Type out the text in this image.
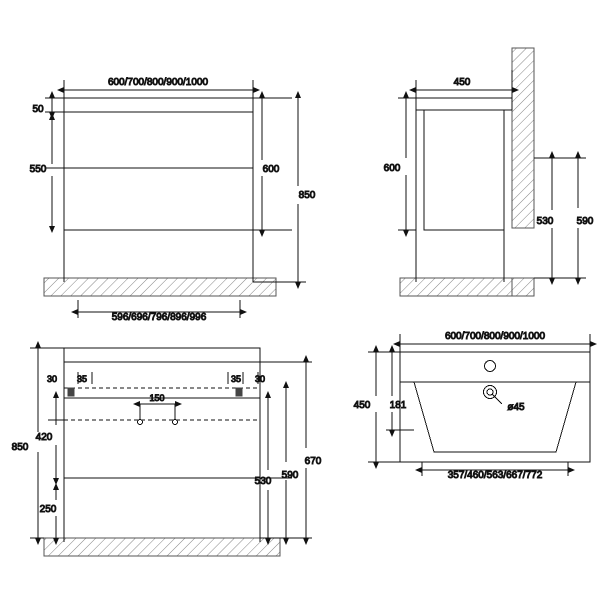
600/700/800/900/1000
50
550	600
850
596/696/796/896/996
450
600
530 590
30 35	35 30
150
850
420
250
530
590
670
600/700/800/900/1000
450 181	ø45
357/460/563/667/772
